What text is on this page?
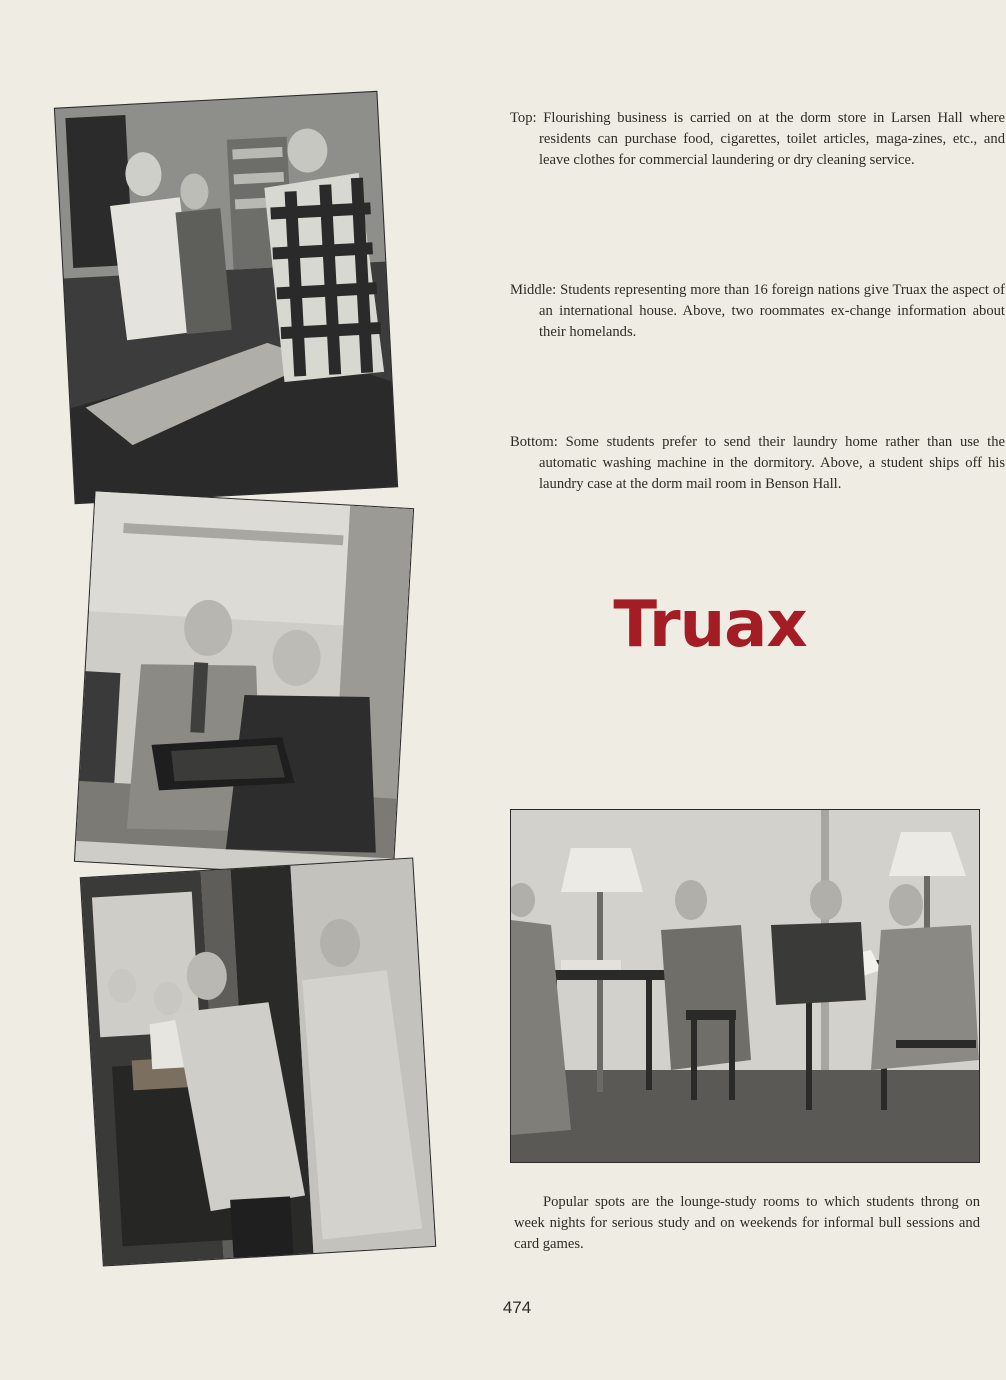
Top: Flourishing business is carried on at the dorm store in Larsen Hall where residents can purchase food, cigarettes, toilet articles, maga-zines, etc., and leave clothes for commercial laundering or dry cleaning service.
Middle: Students representing more than 16 foreign nations give Truax the aspect of an international house. Above, two roommates ex-change information about their homelands.
Bottom: Some students prefer to send their laundry home rather than use the automatic washing machine in the dormitory. Above, a student ships off his laundry case at the dorm mail room in Benson Hall.
Truax
Popular spots are the lounge-study rooms to which students throng on week nights for serious study and on weekends for informal bull sessions and card games.
474
